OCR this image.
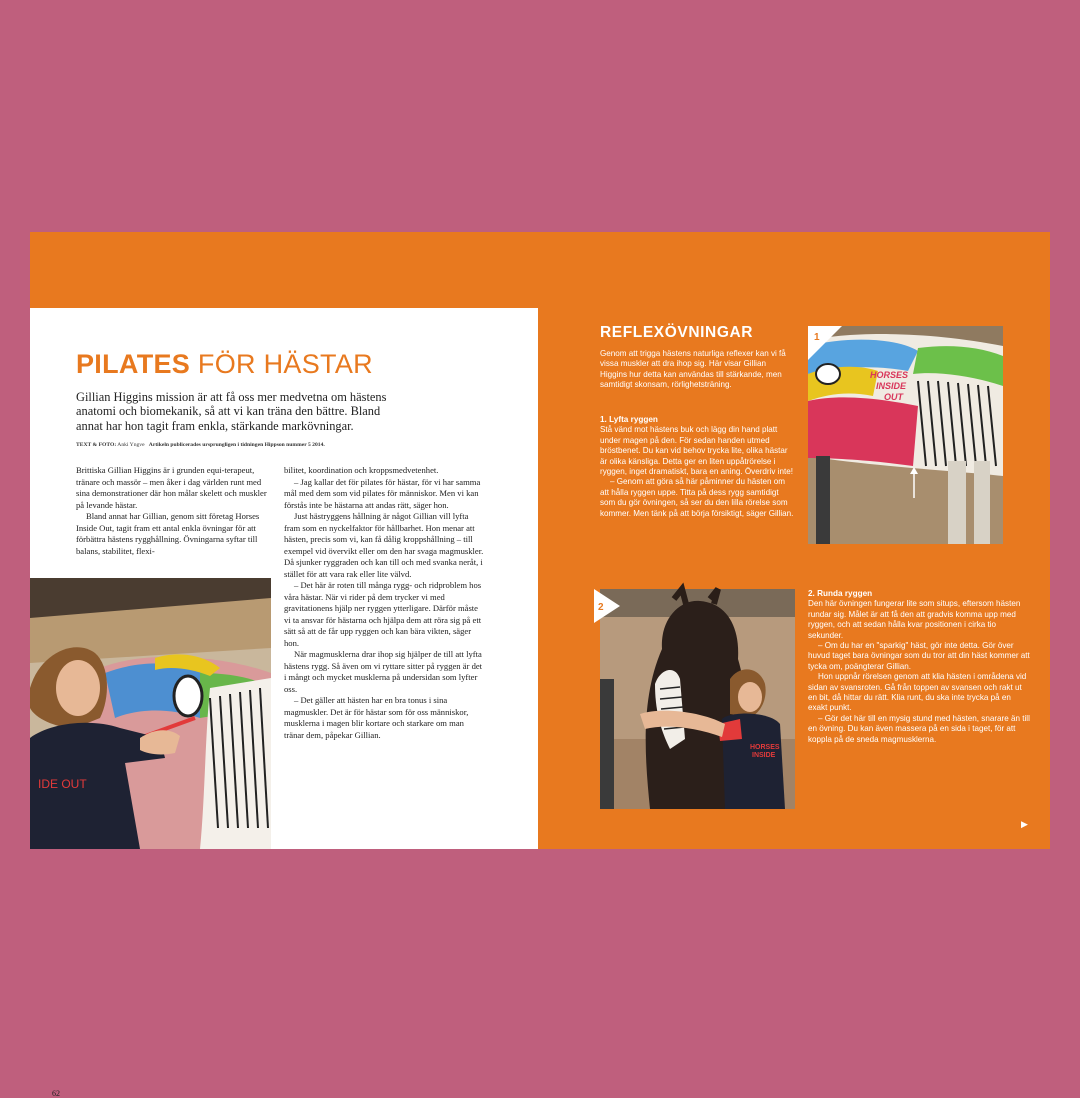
PILATES FÖR HÄSTAR

Gillian Higgins mission är att få oss mer medvetna om hästens anatomi och biomekanik, så att vi kan träna den bättre. Bland annat har hon tagit fram enkla, stärkande markövningar.

TEXT & FOTO: Anki Yngve Artikeln publicerades ursprungligen i tidningen Hippson nummer 5 2014.

Brittiska Gillian Higgins är i grunden equi-terapeut, tränare och massör – men åker i dag världen runt med sina demonstrationer där hon målar skelett och muskler på levande hästar.

Bland annat har Gillian, genom sitt företag Horses Inside Out, tagit fram ett antal enkla övningar för att förbättra hästens rygghållning. Övningarna syftar till balans, stabilitet, flexi-

bilitet, koordination och kroppsmedvetenhet.

– Jag kallar det för pilates för hästar, för vi har samma mål med dem som vid pilates för människor. Men vi kan förstås inte be hästarna att andas rätt, säger hon.

Just hästryggens hållning är något Gillian vill lyfta fram som en nyckelfaktor för hållbarhet. Hon menar att hästen, precis som vi, kan få dålig kroppshållning – till exempel vid övervikt eller om den har svaga magmuskler. Då sjunker ryggraden och kan till och med svanka neråt, i stället för att vara rak eller lite välvd.

– Det här är roten till många rygg- och ridproblem hos våra hästar. När vi rider på dem trycker vi med gravitationens hjälp ner ryggen ytterligare. Därför måste vi ta ansvar för hästarna och hjälpa dem att röra sig på ett sätt så att de får upp ryggen och kan bära vikten, säger hon.

När magmusklerna drar ihop sig hjälper de till att lyfta hästens rygg. Så även om vi ryttare sitter på ryggen är det i mångt och mycket musklerna på undersidan som lyfter oss.

– Det gäller att hästen har en bra tonus i sina magmuskler. Det är för hästar som för oss människor, musklerna i magen blir kortare och starkare om man tränar dem, påpekar Gillian.

IDE OUT
62
REFLEXÖVNINGAR

Genom att trigga hästens naturliga reflexer kan vi få vissa muskler att dra ihop sig. Här visar Gillian Higgins hur detta kan användas till stärkande, men samtidigt skonsam, rörlighetsträning.

1. Lyfta ryggen

Stå vänd mot hästens buk och lägg din hand platt under magen på den. För sedan handen utmed bröstbenet. Du kan vid behov trycka lite, olika hästar är olika känsliga. Detta ger en liten uppåtrörelse i ryggen, inget dramatiskt, bara en aning. Överdriv inte!

– Genom att göra så här påminner du hästen om att hålla ryggen uppe. Titta på dess rygg samtidigt som du gör övningen, så ser du den lilla rörelse som kommer. Men tänk på att börja försiktigt, säger Gillian.

HORSES
INSIDE
OUT
1
HORSES
INSIDE
2
2. Runda ryggen

Den här övningen fungerar lite som situps, eftersom hästen rundar sig. Målet är att få den att gradvis komma upp med ryggen, och att sedan hålla kvar positionen i cirka tio sekunder.

– Om du har en "sparkig" häst, gör inte detta. Gör över huvud taget bara övningar som du tror att din häst kommer att tycka om, poängterar Gillian.

Hon uppnår rörelsen genom att klia hästen i områdena vid sidan av svansroten. Gå från toppen av svansen och rakt ut en bit, då hittar du rätt. Klia runt, du ska inte trycka på en exakt punkt.

– Gör det här till en mysig stund med hästen, snarare än till en övning. Du kan även massera på en sida i taget, för att koppla på de sneda magmusklerna.

▶
